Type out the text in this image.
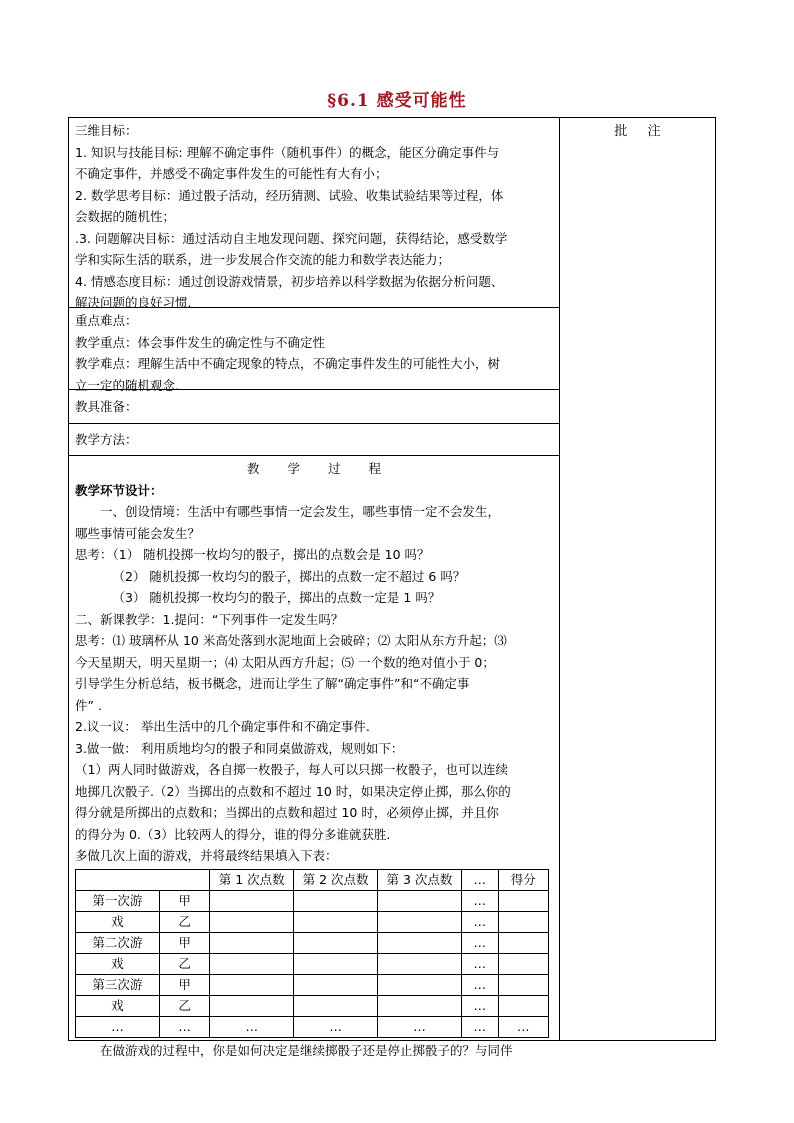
§6.1 感受可能性
批　 注

三维目标：

1. 知识与技能目标: 理解不确定事件（随机事件）的概念，能区分确定事件与

不确定事件，并感受不确定事件发生的可能性有大有小；

2. 数学思考目标：通过骰子活动，经历猜测、试验、收集试验结果等过程，体

会数据的随机性；

.3. 问题解决目标：通过活动自主地发现问题、探究问题，获得结论，感受数学

学和实际生活的联系，进一步发展合作交流的能力和数学表达能力；

4. 情感态度目标：通过创设游戏情景，初步培养以科学数据为依据分析问题、

解决问题的良好习惯.

重点难点：

教学重点：体会事件发生的确定性与不确定性

教学难点：理解生活中不确定现象的特点，不确定事件发生的可能性大小，树

立一定的随机观念.

教具准备：

教学方法：

教 学 过 程

教学环节设计：

一、创设情境：生活中有哪些事情一定会发生，哪些事情一定不会发生，

哪些事情可能会发生？

思考：（1） 随机投掷一枚均匀的骰子，掷出的点数会是 10 吗？

（2） 随机投掷一枚均匀的骰子，掷出的点数一定不超过 6 吗？

（3） 随机投掷一枚均匀的骰子，掷出的点数一定是 1 吗？

二、新课教学：1.提问：“下列事件一定发生吗？

思考：⑴ 玻璃杯从 10 米高处落到水泥地面上会破碎；⑵ 太阳从东方升起；⑶

今天星期天，明天星期一；⑷ 太阳从西方升起；⑸ 一个数的绝对值小于 0；

引导学生分析总结，板书概念，进而让学生了解“确定事件”和“不确定事

件” .

2.议一议： 举出生活中的几个确定事件和不确定事件.

3.做一做： 利用质地均匀的骰子和同桌做游戏，规则如下：

（1）两人同时做游戏，各自掷一枚骰子，每人可以只掷一枚骰子，也可以连续

地掷几次骰子.（2）当掷出的点数和不超过 10 时，如果决定停止掷，那么你的

得分就是所掷出的点数和；当掷出的点数和超过 10 时，必须停止掷，并且你

的得分为 0.（3）比较两人的得分，谁的得分多谁就获胜.

多做几次上面的游戏，并将最终结果填入下表：

		第 1 次点数	第 2 次点数	第 3 次点数	…	得分
第一次游	甲				…	
戏	乙				…	
第二次游	甲				…	
戏	乙				…	
第三次游	甲				…	
戏	乙				…	
…	…	…	…	…	…	…

在做游戏的过程中，你是如何决定是继续掷骰子还是停止掷骰子的？与同伴
